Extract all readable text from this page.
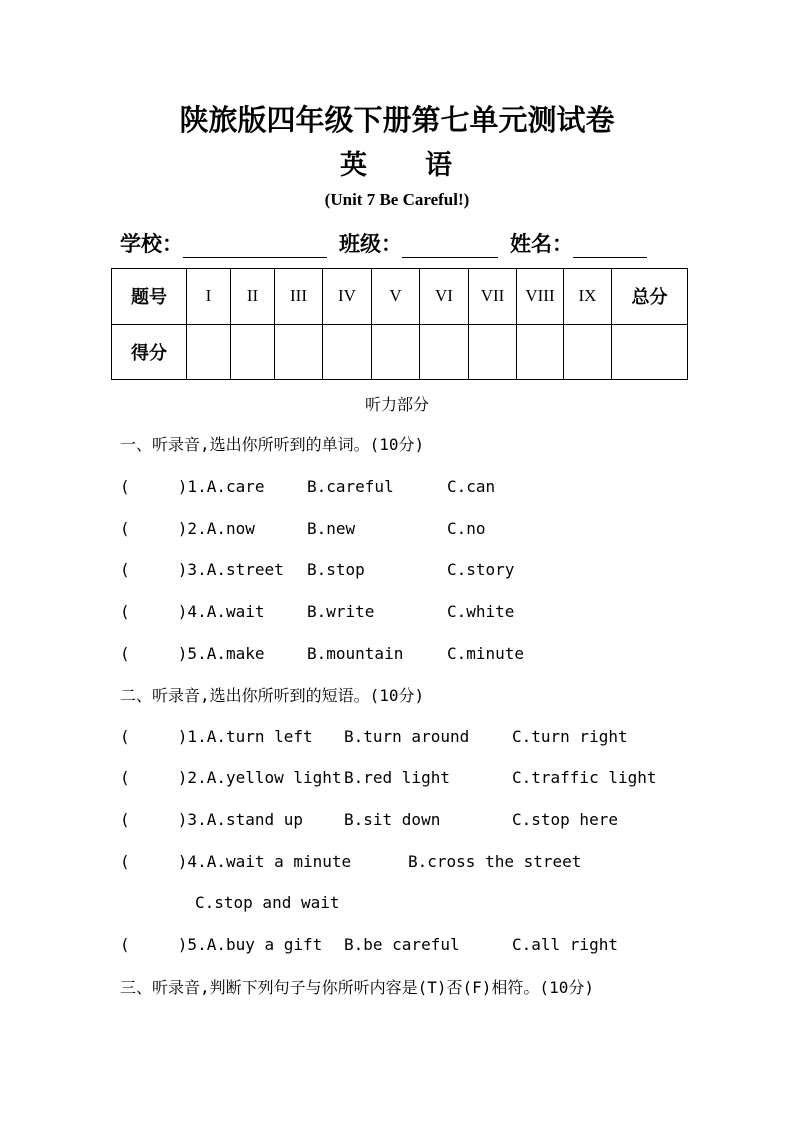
陕旅版四年级下册第七单元测试卷
英 语
(Unit 7 Be Careful!)
学校：	班级：	姓名：
题号	I	II	III	IV	V	VI	VII	VIII	IX	总分
得分										
听力部分
一、听录音,选出你所听到的单词。(10分)
(     )1.A.care	B.careful	C.can
(     )2.A.now	B.new	C.no
(     )3.A.street B.stop	C.story
(     )4.A.wait	B.write	C.white
(     )5.A.make	B.mountain	C.minute
二、听录音,选出你所听到的短语。(10分)
(     )1.A.turn left B.turn around	C.turn right
(     )2.A.yellow light B.red light	C.traffic light
(     )3.A.stand up	B.sit down	C.stop here
(     )4.A.wait a minute	B.cross the street
C.stop and wait
(     )5.A.buy a gift B.be careful	C.all right
三、听录音,判断下列句子与你所听内容是(T)否(F)相符。(10分)
